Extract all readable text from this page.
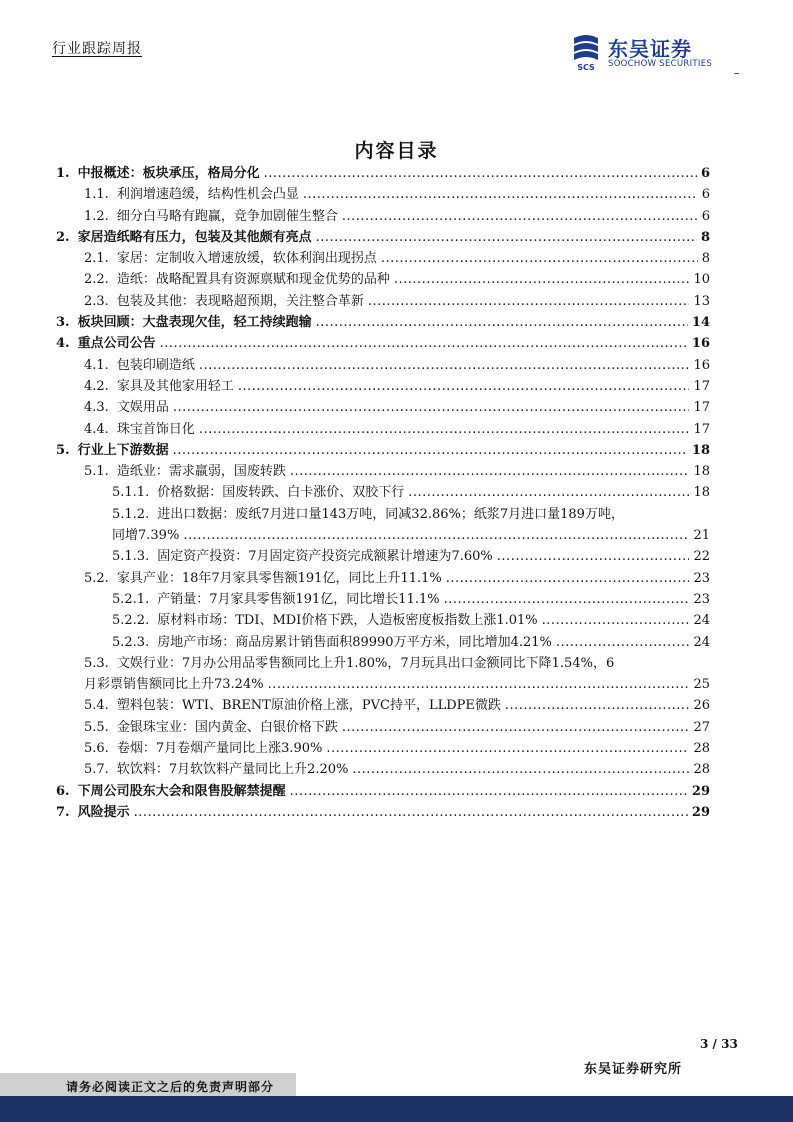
行业跟踪周报
SCS
东吴证券
SOOCHOW SECURITIES
内容目录
1. 中报概述：板块承压，格局分化 .....	6
1.1. 利润增速趋缓，结构性机会凸显 .....	6
1.2. 细分白马略有跑赢，竞争加剧催生整合 .....	6
2. 家居造纸略有压力，包装及其他颇有亮点 .....	8
2.1. 家居：定制收入增速放缓，软体利润出现拐点 .....	8
2.2. 造纸：战略配置具有资源禀赋和现金优势的品种 .....	10
2.3. 包装及其他：表现略超预期，关注整合革新 .....	13
3. 板块回顾：大盘表现欠佳，轻工持续跑输 .....	14
4. 重点公司公告 .....	16
4.1. 包装印刷造纸 .....	16
4.2. 家具及其他家用轻工 .....	17
4.3. 文娱用品 .....	17
4.4. 珠宝首饰日化 .....	17
5. 行业上下游数据 .....	18
5.1. 造纸业：需求羸弱，国废转跌 .....	18
5.1.1. 价格数据：国废转跌、白卡涨价、双胶下行 .....	18
5.1.2. 进出口数据：废纸7月进口量143万吨，同减32.86%；纸浆7月进口量189万吨，
同增7.39% .....	21
5.1.3. 固定资产投资：7月固定资产投资完成额累计增速为7.60% .....	22
5.2. 家具产业：18年7月家具零售额191亿，同比上升11.1% .....	23
5.2.1. 产销量：7月家具零售额191亿，同比增长11.1% .....	23
5.2.2. 原材料市场：TDI、MDI价格下跌，人造板密度板指数上涨1.01% .....	24
5.2.3. 房地产市场：商品房累计销售面积89990万平方米，同比增加4.21% .....	24
5.3. 文娱行业：7月办公用品零售额同比上升1.80%，7月玩具出口金额同比下降1.54%，6
月彩票销售额同比上升73.24% .....	25
5.4. 塑料包装：WTI、BRENT原油价格上涨，PVC持平，LLDPE微跌 .....	26
5.5. 金银珠宝业：国内黄金、白银价格下跌 .....	27
5.6. 卷烟：7月卷烟产量同比上涨3.90% .....	28
5.7. 软饮料：7月软饮料产量同比上升2.20% .....	28
6. 下周公司股东大会和限售股解禁提醒 .....	29
7. 风险提示 .....	29
3 / 33
东吴证券研究所
请务必阅读正文之后的免责声明部分
